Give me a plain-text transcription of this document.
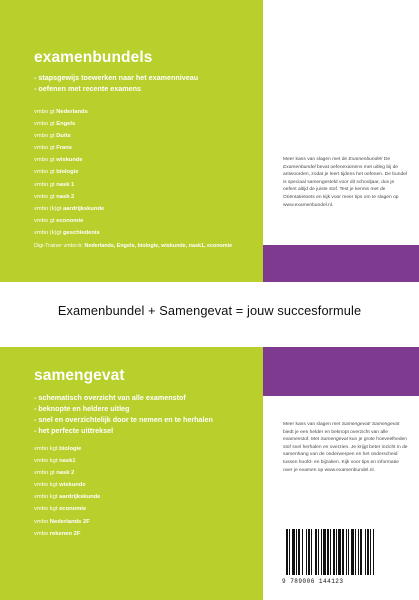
examenbundels
- stapsgewijs toewerken naar het examenniveau
- oefenen met recente examens
vmbo gt Nederlands
vmbo gt Engels
vmbo gt Duits
vmbo gt Frans
vmbo gt wiskunde
vmbo gt biologie
vmbo gt nask 1
vmbo gt nask 2
vmbo (k)gt aardrijkskunde
vmbo gt economie
vmbo (k)gt geschiedenis
Digi-Trainer vmbo-b: Nederlands, Engels, biologie, wiskunde, nask1, economie

Meer kans van slagen met de Examenbundel! De Examenbundel bevat oefenexamens met uitleg bij de antwoorden, zodat je leert tijdens het oefenen. De bundel is speciaal samengesteld voor dit schooljaar, dus je oefent altijd de juiste stof. Test je kennis met de Oriëntatietoets en kijk voor meer tips om te slagen op www.examenbundel.nl.

Examenbundel + Samengevat = jouw succesformule
samengevat
- schematisch overzicht van alle examenstof
- beknopte en heldere uitleg
- snel en overzichtelijk door te nemen en te herhalen
- het perfecte uittreksel
vmbo kgt biologie
vmbo kgt nask1
vmbo gt nask 2
vmbo kgt wiskunde
vmbo kgt aardrijkskunde
vmbo kgt economie
vmbo Nederlands 2F
vmbo rekenen 2F

Meer kans van slagen met Samengevat! Samengevat biedt je een helder en beknopt overzicht van alle examenstof. Met Samengevat kun je grote hoeveelheden stof snel herhalen en overzien. Je krijgt beter inzicht in de samenhang van de onderwerpen en het onderscheid tussen hoofd- en bijzaken. Kijk voor tips en informatie over je examen op www.examenbundel.nl.

9 789006 144123
